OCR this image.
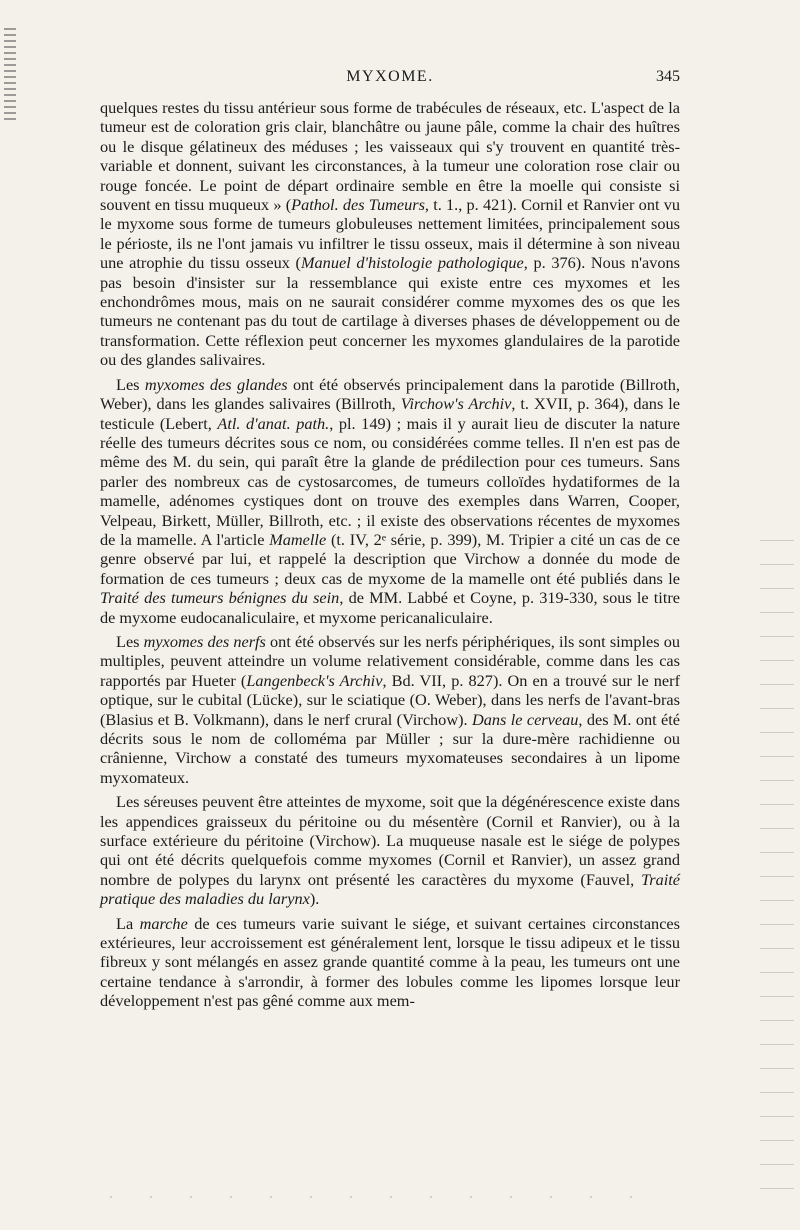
MYXOME.	345

quelques restes du tissu antérieur sous forme de trabécules de réseaux, etc. L'aspect de la tumeur est de coloration gris clair, blanchâtre ou jaune pâle, comme la chair des huîtres ou le disque gélatineux des méduses ; les vaisseaux qui s'y trouvent en quantité très-variable et donnent, suivant les circonstances, à la tumeur une coloration rose clair ou rouge foncée. Le point de départ ordinaire semble en être la moelle qui consiste si souvent en tissu muqueux » (Pathol. des Tumeurs, t. 1., p. 421). Cornil et Ranvier ont vu le myxome sous forme de tumeurs globuleuses nettement limitées, principalement sous le périoste, ils ne l'ont jamais vu infiltrer le tissu osseux, mais il détermine à son niveau une atrophie du tissu osseux (Manuel d'histologie pathologique, p. 376). Nous n'avons pas besoin d'insister sur la ressemblance qui existe entre ces myxomes et les enchondrômes mous, mais on ne saurait considérer comme myxomes des os que les tumeurs ne contenant pas du tout de cartilage à diverses phases de développement ou de transformation. Cette réflexion peut concerner les myxomes glandulaires de la parotide ou des glandes salivaires.

Les myxomes des glandes ont été observés principalement dans la parotide (Billroth, Weber), dans les glandes salivaires (Billroth, Virchow's Archiv, t. XVII, p. 364), dans le testicule (Lebert, Atl. d'anat. path., pl. 149) ; mais il y aurait lieu de discuter la nature réelle des tumeurs décrites sous ce nom, ou considérées comme telles. Il n'en est pas de même des M. du sein, qui paraît être la glande de prédilection pour ces tumeurs. Sans parler des nombreux cas de cystosarcomes, de tumeurs colloïdes hydatiformes de la mamelle, adénomes cystiques dont on trouve des exemples dans Warren, Cooper, Velpeau, Birkett, Müller, Billroth, etc. ; il existe des observations récentes de myxomes de la mamelle. A l'article Mamelle (t. IV, 2ᵉ série, p. 399), M. Tripier a cité un cas de ce genre observé par lui, et rappelé la description que Virchow a donnée du mode de formation de ces tumeurs ; deux cas de myxome de la mamelle ont été publiés dans le Traité des tumeurs bénignes du sein, de MM. Labbé et Coyne, p. 319-330, sous le titre de myxome eudocanaliculaire, et myxome pericanaliculaire.

Les myxomes des nerfs ont été observés sur les nerfs périphériques, ils sont simples ou multiples, peuvent atteindre un volume relativement considérable, comme dans les cas rapportés par Hueter (Langenbeck's Archiv, Bd. VII, p. 827). On en a trouvé sur le nerf optique, sur le cubital (Lücke), sur le sciatique (O. Weber), dans les nerfs de l'avant-bras (Blasius et B. Volkmann), dans le nerf crural (Virchow). Dans le cerveau, des M. ont été décrits sous le nom de colloméma par Müller ; sur la dure-mère rachidienne ou crânienne, Virchow a constaté des tumeurs myxomateuses secondaires à un lipome myxomateux.

Les séreuses peuvent être atteintes de myxome, soit que la dégénérescence existe dans les appendices graisseux du péritoine ou du mésentère (Cornil et Ranvier), ou à la surface extérieure du péritoine (Virchow). La muqueuse nasale est le siége de polypes qui ont été décrits quelquefois comme myxomes (Cornil et Ranvier), un assez grand nombre de polypes du larynx ont présenté les caractères du myxome (Fauvel, Traité pratique des maladies du larynx).

La marche de ces tumeurs varie suivant le siége, et suivant certaines circonstances extérieures, leur accroissement est généralement lent, lorsque le tissu adipeux et le tissu fibreux y sont mélangés en assez grande quantité comme à la peau, les tumeurs ont une certaine tendance à s'arrondir, à former des lobules comme les lipomes lorsque leur développement n'est pas gêné comme aux mem-
